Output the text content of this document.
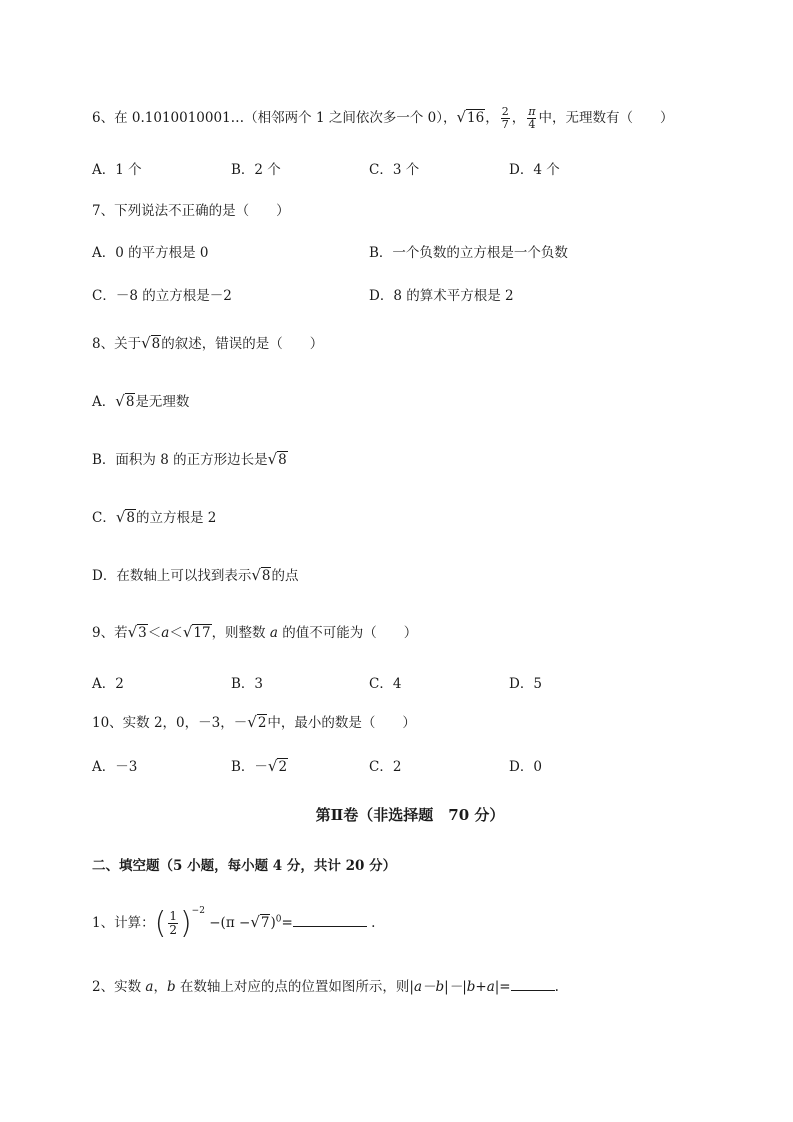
6、在 0.1010010001…（相邻两个 1 之间依次多一个 0），√16， $\frac{2}{7}$ ， $\frac{\pi}{4}$ 中，无理数有（　　）
A．1 个	B．2 个	C．3 个	D．4 个
7、下列说法不正确的是（　　）
A．0 的平方根是 0	B．一个负数的立方根是一个负数
C．－8 的立方根是－2	D．8 的算术平方根是 2
8、关于√8的叙述，错误的是（　　）
A．√8是无理数
B．面积为 8 的正方形边长是√8
C．√8的立方根是 2
D．在数轴上可以找到表示√8的点
9、若√3＜a＜√17，则整数 a 的值不可能为（　　）
A．2	B．3	C．4	D．5
10、实数 2，0，－3，－√2中，最小的数是（　　）
A．－3	B．－√2	C．2	D．0
第Ⅱ卷（非选择题　70 分）
二、填空题（5 小题，每小题 4 分，共计 20 分）
1、计算：( $\frac{1}{2} )^{-2} -(\pi -√7)^0=$	.
2、实数 a，b 在数轴上对应的点的位置如图所示，则|a－b|－|b+a|=	.
